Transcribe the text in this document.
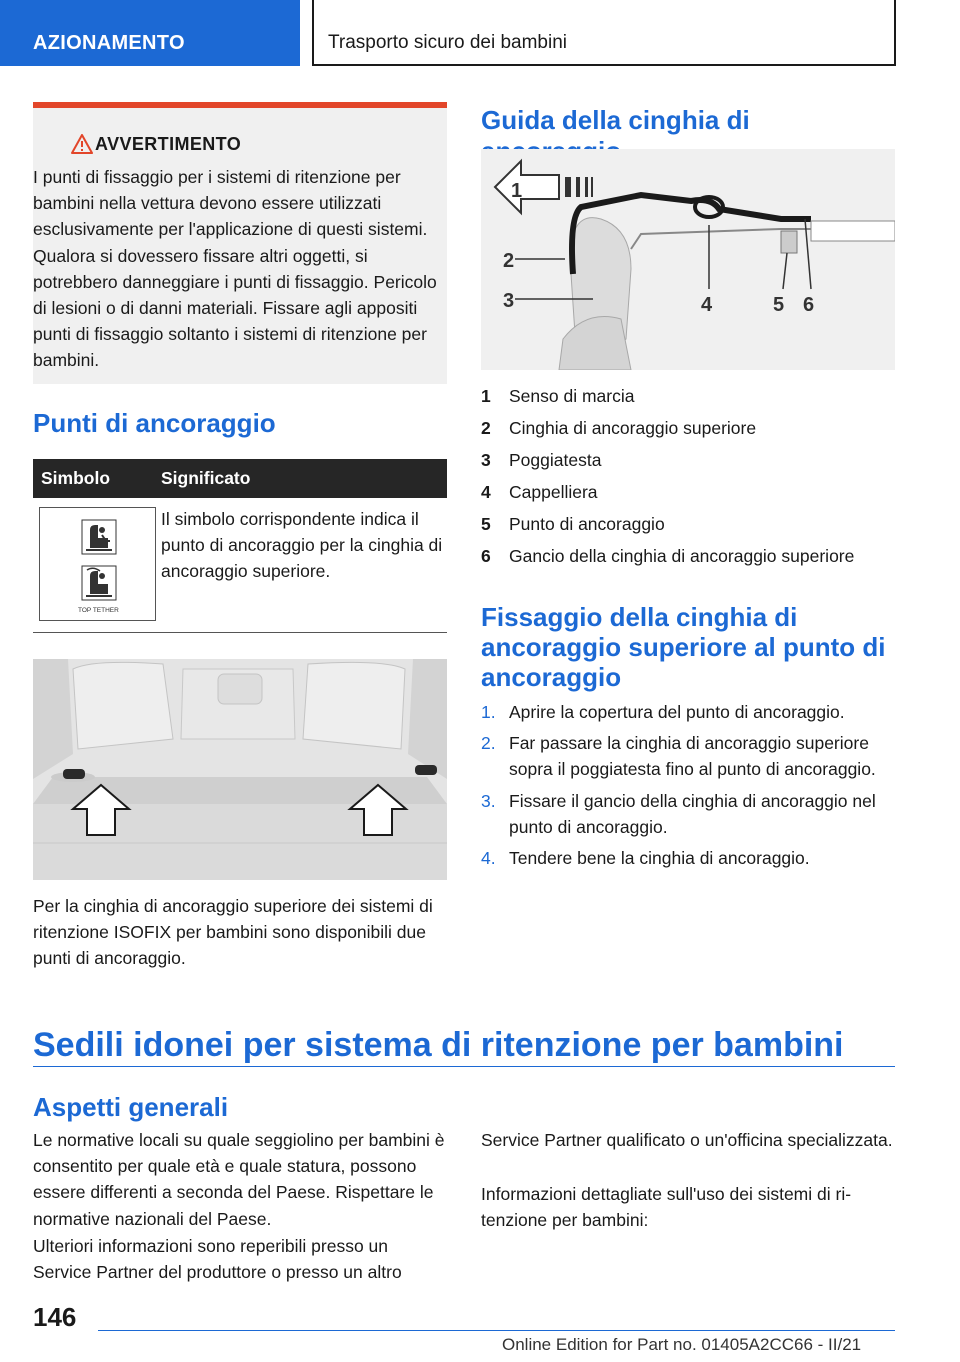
AZIONAMENTO	Trasporto sicuro dei bambini
AVVERTIMENTO
I punti di fissaggio per i sistemi di ritenzione per bambini nella vettura devono essere utilizzati esclusivamente per l'applicazione di questi sistemi. Qualora si dovessero fissare altri oggetti, si potrebbero danneggiare i punti di fissaggio. Pericolo di lesioni o di danni materiali. Fissare agli appositi punti di fissaggio soltanto i sistemi di ritenzione per bambini.
Punti di ancoraggio
Simbolo	Significato
TOP TETHER
Il simbolo corrispondente indica il punto di ancoraggio per la cinghia di ancoraggio superiore.

Per la cinghia di ancoraggio superiore dei sistemi di ritenzione ISOFIX per bambini sono disponibili due punti di ancoraggio.

Guida della cinghia di
1
2
3	4	5 6
1	Senso di marcia
2	Cinghia di ancoraggio superiore
3	Poggiatesta
4	Cappelliera
5	Punto di ancoraggio
6	Gancio della cinghia di ancoraggio superiore
Fissaggio della cinghia di ancoraggio superiore al punto di ancoraggio
1. Aprire la copertura del punto di ancoraggio.
2. Far passare la cinghia di ancoraggio superiore sopra il poggiatesta fino al punto di ancoraggio.
3. Fissare il gancio della cinghia di ancoraggio nel punto di ancoraggio.
4. Tendere bene la cinghia di ancoraggio.
Sedili idonei per sistema di ritenzione per bambini
Aspetti generali

Le normative locali su quale seggiolino per bambini è consentito per quale età e quale statura, possono essere differenti a seconda del Paese. Rispettare le normative nazionali del Paese.

Ulteriori informazioni sono reperibili presso un Service Partner del produttore o presso un altro

Service Partner qualificato o un'officina specializzata.

Informazioni dettagliate sull'uso dei sistemi di ritenzione per bambini:

146
Online Edition for Part no. 01405A2CC66 - II/21
